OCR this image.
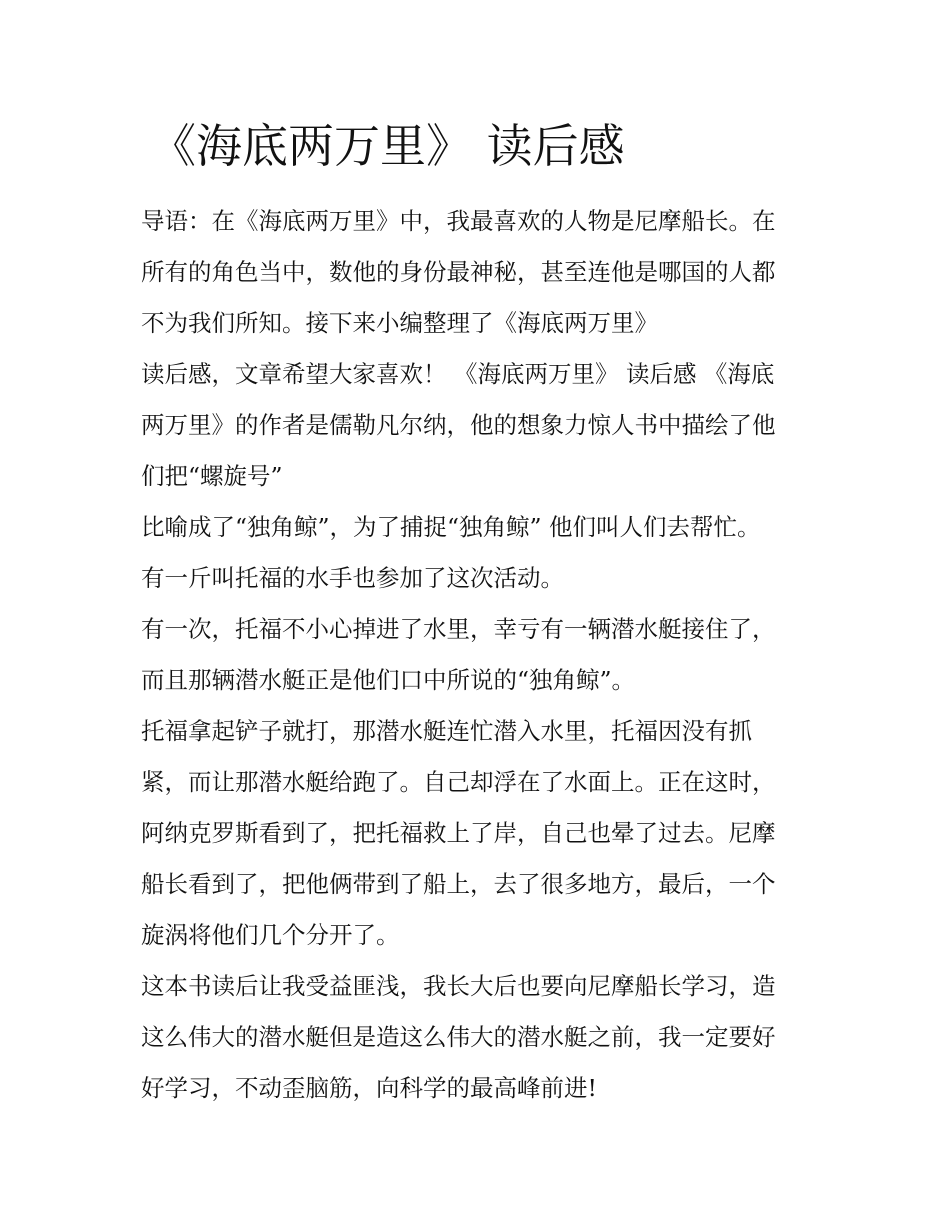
《海底两万里》 读后感
导语：在《海底两万里》中，我最喜欢的人物是尼摩船长。在
所有的角色当中，数他的身份最神秘，甚至连他是哪国的人都
不为我们所知。接下来小编整理了《海底两万里》
读后感，文章希望大家喜欢！ 《海底两万里》 读后感 《海底
两万里》的作者是儒勒凡尔纳，他的想象力惊人书中描绘了他
们把“螺旋号”
比喻成了“独角鲸”，为了捕捉“独角鲸” 他们叫人们去帮忙。
有一斤叫托福的水手也参加了这次活动。
有一次，托福不小心掉进了水里，幸亏有一辆潜水艇接住了，
而且那辆潜水艇正是他们口中所说的“独角鲸”。
托福拿起铲子就打，那潜水艇连忙潜入水里，托福因没有抓
紧，而让那潜水艇给跑了。自己却浮在了水面上。正在这时，
阿纳克罗斯看到了，把托福救上了岸，自己也晕了过去。尼摩
船长看到了，把他俩带到了船上，去了很多地方，最后，一个
旋涡将他们几个分开了。
这本书读后让我受益匪浅，我长大后也要向尼摩船长学习，造
这么伟大的潜水艇但是造这么伟大的潜水艇之前，我一定要好
好学习，不动歪脑筋，向科学的最高峰前进!
